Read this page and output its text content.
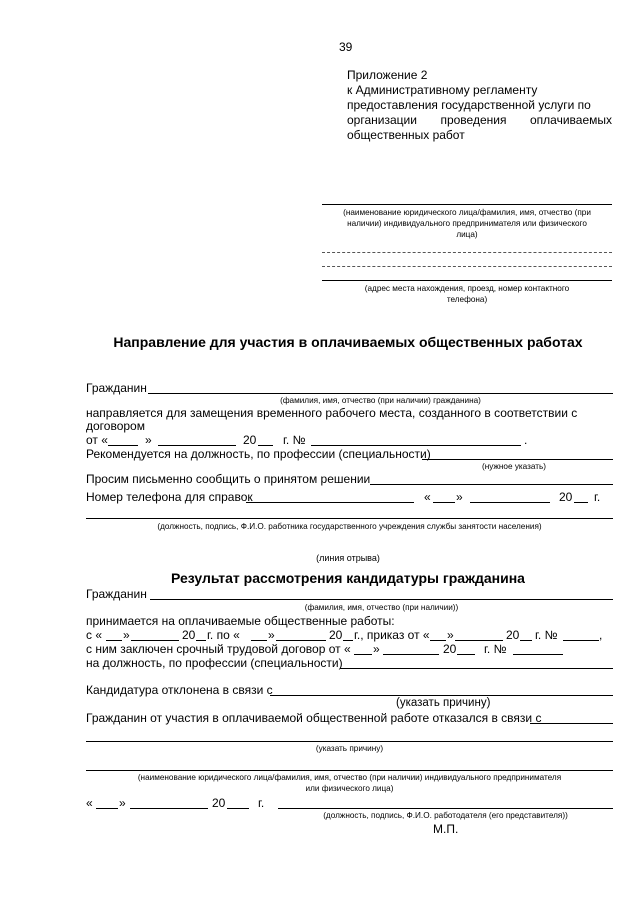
39
Приложение 2
к Административному регламенту
предоставления государственной услуги по
организации проведения оплачиваемых
общественных работ
(наименование юридического лица/фамилия, имя, отчество (при
наличии) индивидуального предпринимателя или физического
лица)
(адрес места нахождения, проезд, номер контактного
телефона)
Направление для участия в оплачиваемых общественных работах
Гражданин
(фамилия, имя, отчество (при наличии) гражданина)
направляется для замещения временного рабочего места, созданного в соответствии с
договором
от «	»	20 г. №	.
Рекомендуется на должность, по профессии (специальности)
(нужное указать)
Просим письменно сообщить о принятом решении
Номер телефона для справок	« »	20 г.
(должность, подпись, Ф.И.О. работника государственного учреждения службы занятости населения)
(линия отрыва)
Результат рассмотрения кандидатуры гражданина
Гражданин
(фамилия, имя, отчество (при наличии))
принимается на оплачиваемые общественные работы:
с « »	20 г. по « »	20 г., приказ от « »	20 г. №	,
с ним заключен срочный трудовой договор от « »	20 г. №
на должность, по профессии (специальности)
Кандидатура отклонена в связи с
(указать причину)
Гражданин от участия в оплачиваемой общественной работе отказался в связи с
(указать причину)
(наименование юридического лица/фамилия, имя, отчество (при наличии) индивидуального предпринимателя
или физического лица)
« »	20	г.
(должность, подпись, Ф.И.О. работодателя (его представителя))
М.П.
